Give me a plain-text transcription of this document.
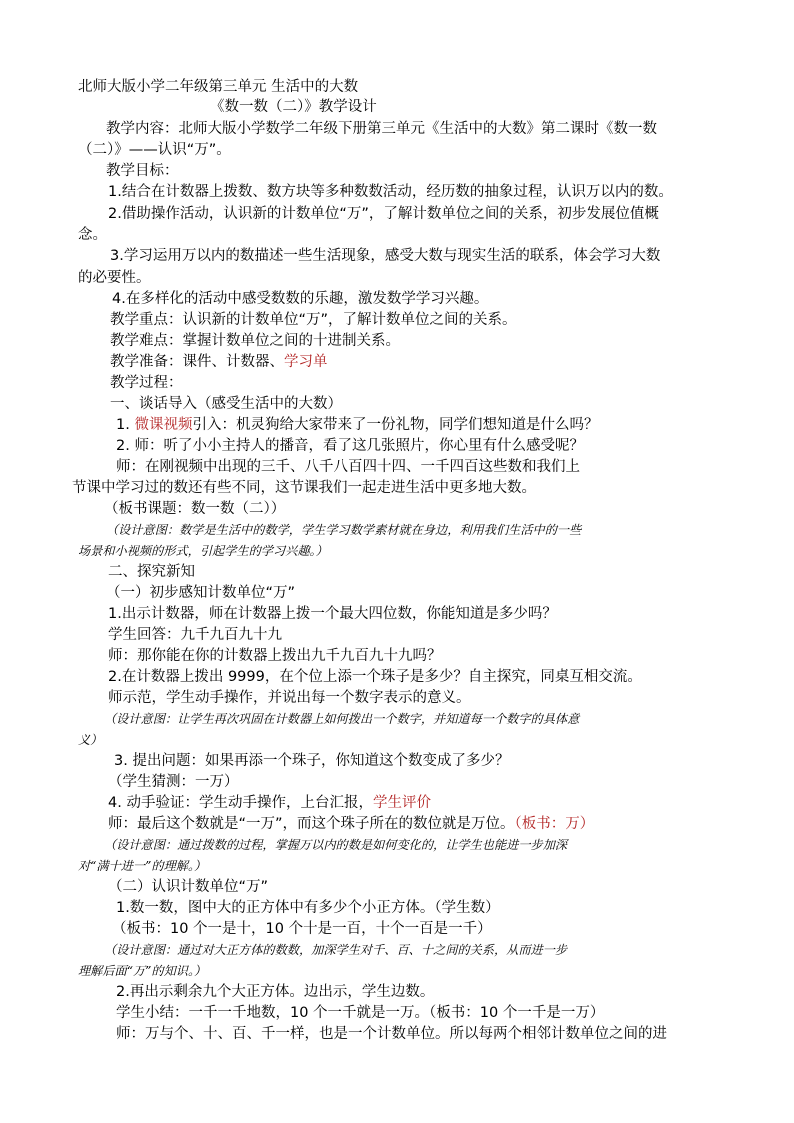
北师大版小学二年级第三单元 生活中的大数
《数一数（二）》教学设计
教学内容：北师大版小学数学二年级下册第三单元《生活中的大数》第二课时《数一数
（二）》——认识“万”。
教学目标：
1.结合在计数器上拨数、数方块等多种数数活动，经历数的抽象过程，认识万以内的数。
2.借助操作活动，认识新的计数单位“万”，了解计数单位之间的关系，初步发展位值概
念。
3.学习运用万以内的数描述一些生活现象，感受大数与现实生活的联系，体会学习大数
的必要性。
4.在多样化的活动中感受数数的乐趣，激发数学学习兴趣。
教学重点：认识新的计数单位“万”，了解计数单位之间的关系。
教学难点：掌握计数单位之间的十进制关系。
教学准备：课件、计数器、学习单
教学过程：
一、谈话导入（感受生活中的大数）
1. 微课视频引入：机灵狗给大家带来了一份礼物，同学们想知道是什么吗？
2. 师：听了小小主持人的播音，看了这几张照片，你心里有什么感受呢？
师：在刚视频中出现的三千、八千八百四十四、一千四百这些数和我们上
节课中学习过的数还有些不同，这节课我们一起走进生活中更多地大数。
（板书课题：数一数（二））
（设计意图：数学是生活中的数学，学生学习数学素材就在身边，利用我们生活中的一些
场景和小视频的形式，引起学生的学习兴趣。）
二、探究新知
（一）初步感知计数单位“万”
1.出示计数器，师在计数器上拨一个最大四位数，你能知道是多少吗？
学生回答：九千九百九十九
师：那你能在你的计数器上拨出九千九百九十九吗？
2.在计数器上拨出 9999，在个位上添一个珠子是多少？自主探究，同桌互相交流。
师示范，学生动手操作，并说出每一个数字表示的意义。
（设计意图：让学生再次巩固在计数器上如何拨出一个数字，并知道每一个数字的具体意
义）
3. 提出问题：如果再添一个珠子，你知道这个数变成了多少？
（学生猜测：一万）
4. 动手验证：学生动手操作，上台汇报，学生评价
师：最后这个数就是“一万”，而这个珠子所在的数位就是万位。（板书：万）
（设计意图：通过拨数的过程，掌握万以内的数是如何变化的，让学生也能进一步加深
对“满十进一”的理解。）
（二）认识计数单位“万”
1.数一数，图中大的正方体中有多少个小正方体。（学生数）
（板书：10 个一是十，10 个十是一百，十个一百是一千）
（设计意图：通过对大正方体的数数，加深学生对千、百、十之间的关系，从而进一步
理解后面“万”的知识。）
2.再出示剩余九个大正方体。边出示，学生边数。
学生小结：一千一千地数，10 个一千就是一万。（板书：10 个一千是一万）
师：万与个、十、百、千一样，也是一个计数单位。所以每两个相邻计数单位之间的进
